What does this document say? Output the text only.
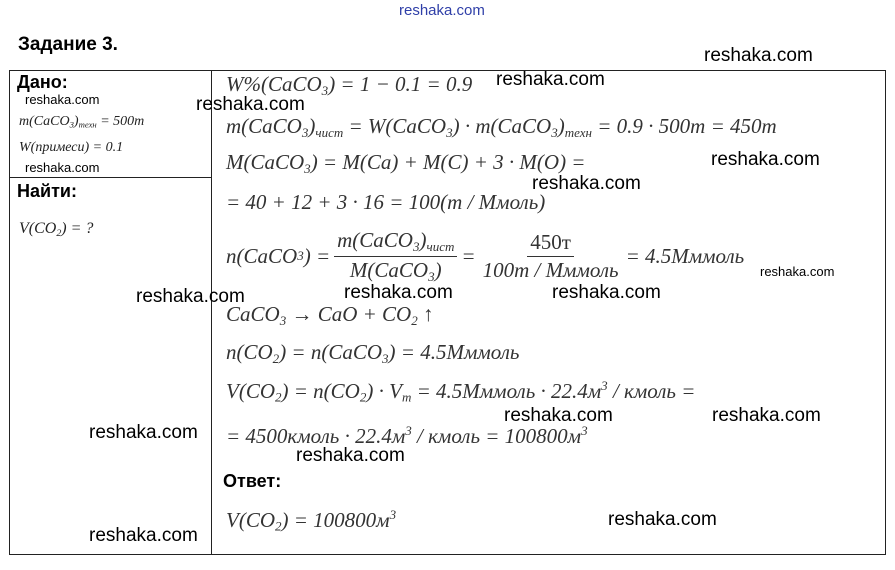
reshaka.com
Задание 3.
Дано:
$m(CaCO_3)_{техн} = 500т$
W(примеси) = 0.1
Найти:
$V(CO_2)$ = ?
W%(CaCO$_3$) = 1 − 0.1 = 0.9
$m(CaCO_3)_{чист}$ = W(CaCO$_3$) · $m(CaCO_3)_{техн} = 0.9 \cdot 500т = 450т$
M(CaCO$_3$) = M(Ca) + M(C) + 3 · M(O) =
= 40 + 12 + 3 · 16 = 100(т / Ммоль)
n(CaCO 3 ) = $\frac{m(CaCO_3)_{чист}}{M(CaCO_3)} = \frac{450т}{\text{100т / Мммоль}}$ = 4.5Мммоль
CaCO$_3$ → CaO + $CO_2$ ↑
$n(CO_2)$ = n(CaCO$_3$) = 4.5Мммоль
$V(CO_2) = n(CO_2) \cdot V_m$ = 4.5Мммоль · $22.4м^3$ / кмоль =
= 4500кмоль · $22.4м^3$ / кмоль = $100800м^3$
Ответ:
$V(CO_2) = 100800м^3$
reshaka.com
reshaka.com	reshaka.com
reshaka.com
reshaka.com	reshaka.com
reshaka.com
reshaka.com
reshaka.com	reshaka.com	reshaka.com
reshaka.com	reshaka.com
reshaka.com
reshaka.com
reshaka.com
reshaka.com
